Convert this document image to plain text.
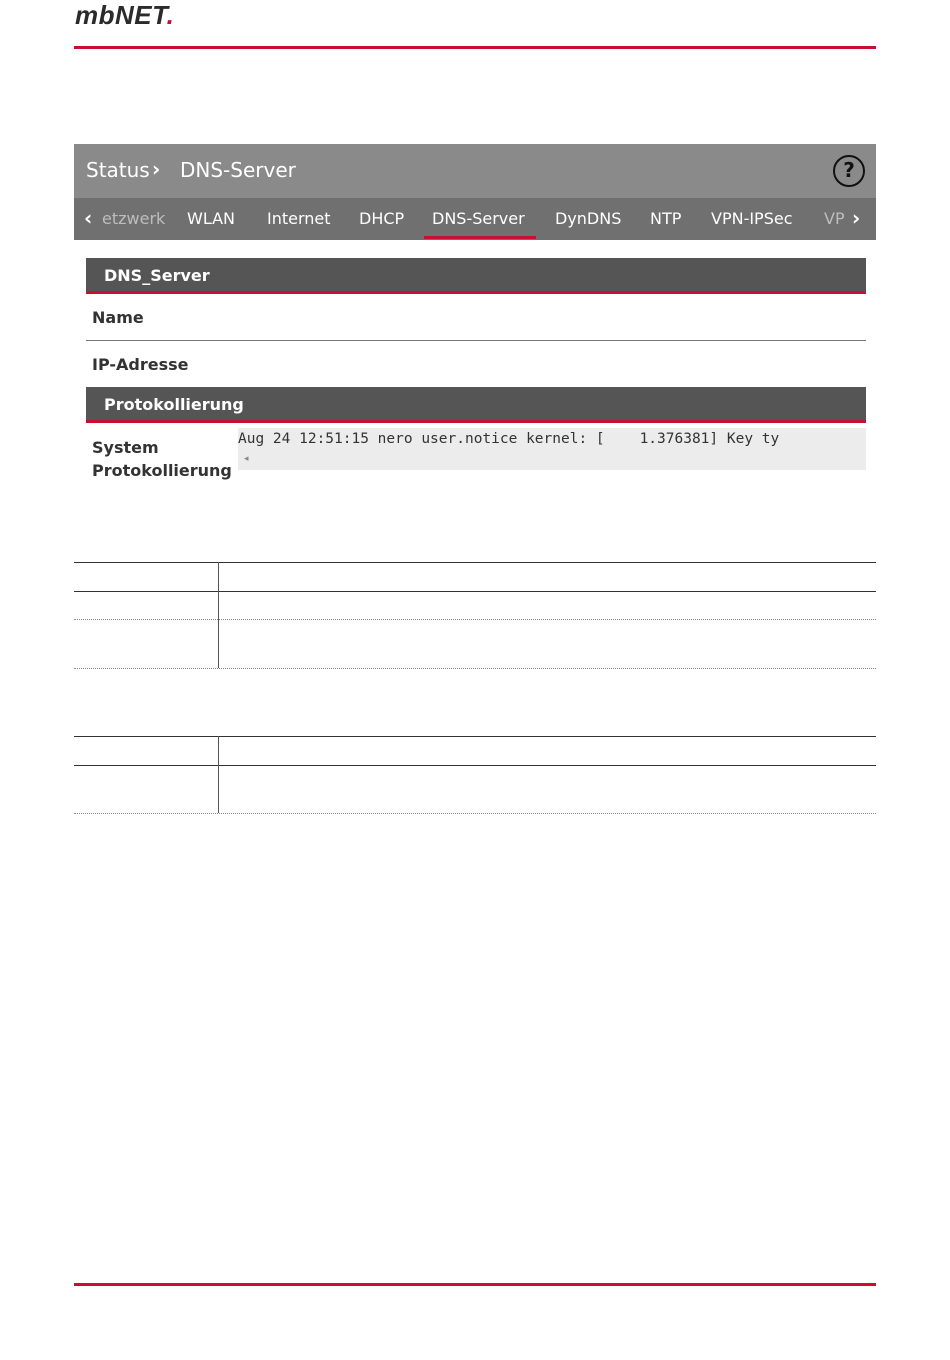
mbNET.
Status › DNS-Server	?
‹ etzwerk WLAN Internet DHCP DNS-Server DynDNS NTP VPN-IPSec VP ›
DNS_Server
Name
IP-Adresse
Protokollierung
System
Protokollierung
Aug 24 12:51:15 nero user.notice kernel: [    1.376381] Key ty
◂
